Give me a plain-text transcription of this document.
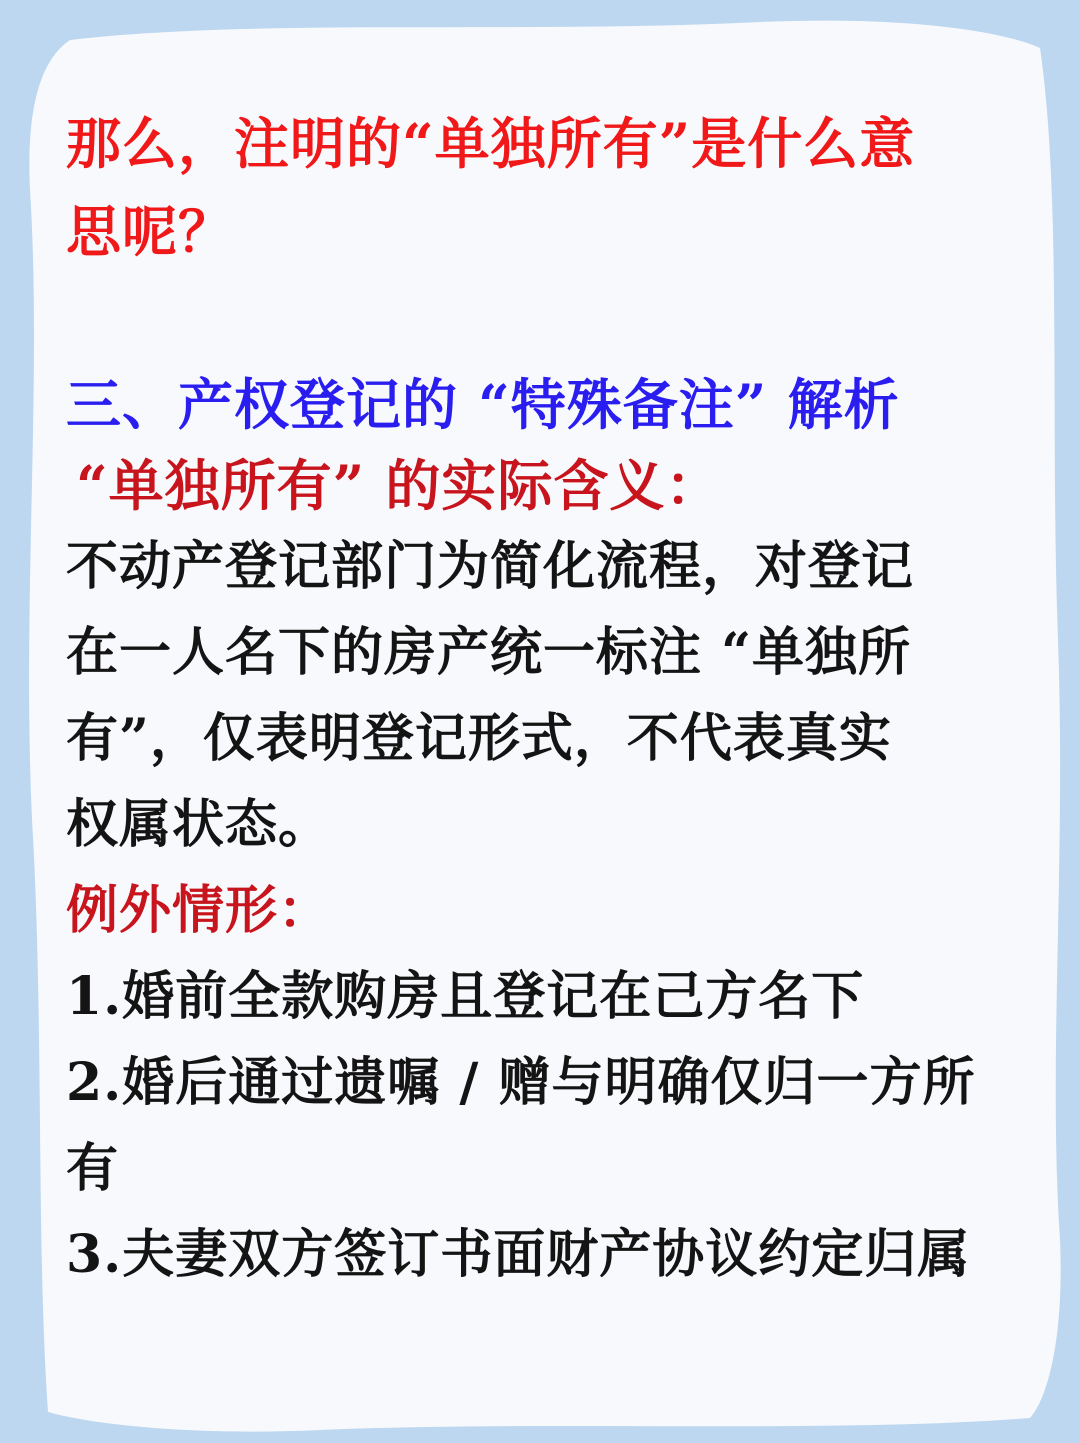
那么，注明的“单独所有”是什么意
思呢？
三、产权登记的 “特殊备注” 解析
“单独所有” 的实际含义：
不动产登记部门为简化流程，对登记
在一人名下的房产统一标注 “单独所
有”，仅表明登记形式，不代表真实
权属状态。
例外情形：
1.婚前全款购房且登记在己方名下
2.婚后通过遗嘱 / 赠与明确仅归一方所
有
3.夫妻双方签订书面财产协议约定归属
